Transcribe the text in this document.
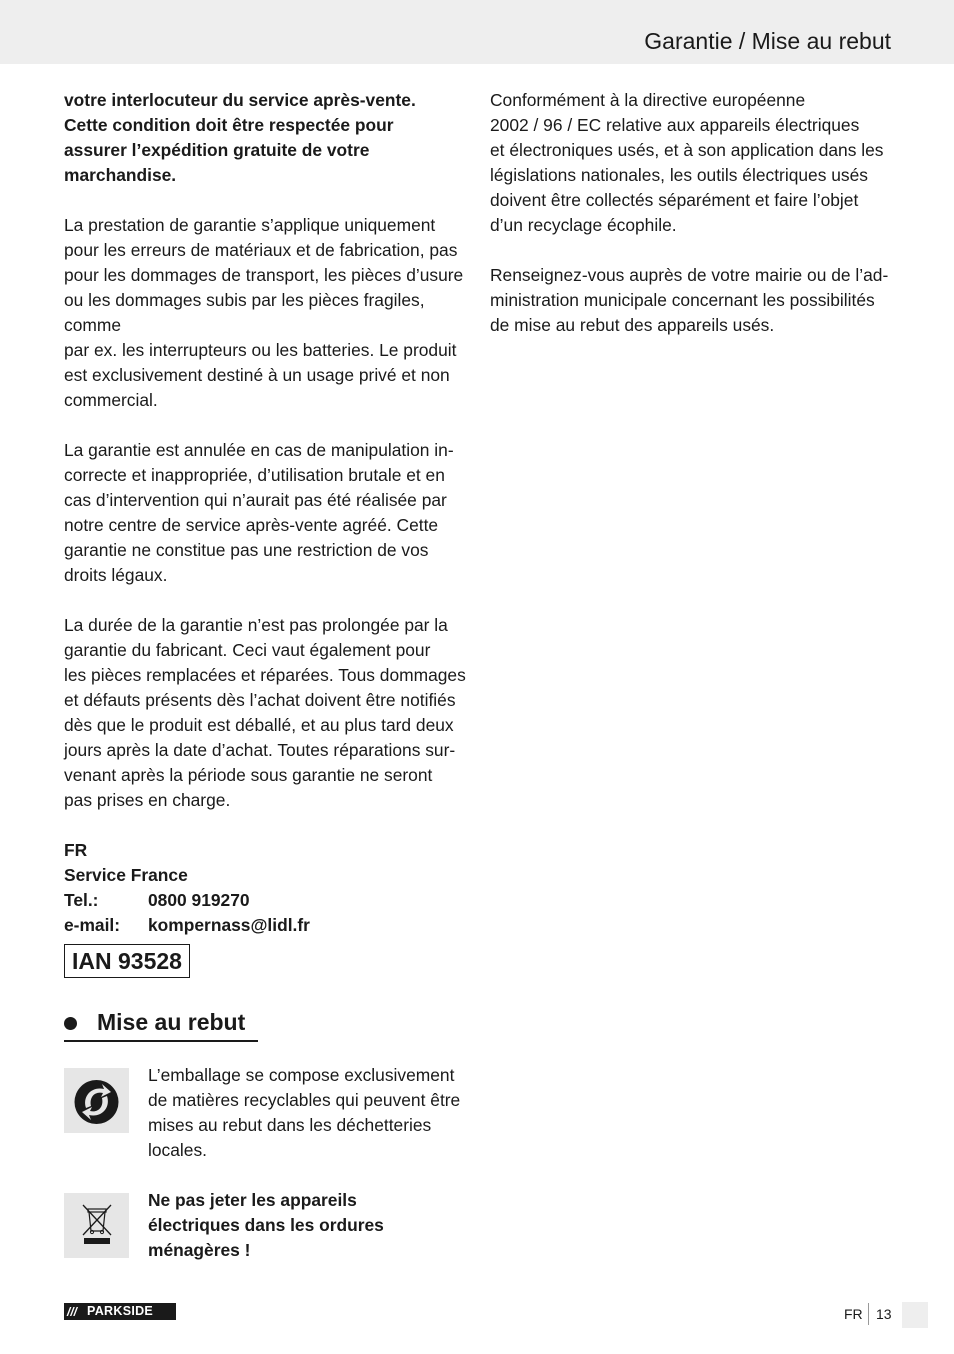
Garantie / Mise au rebut

votre interlocuteur du service après-vente.

Cette condition doit être respectée pour

assurer l’expédition gratuite de votre

marchandise.

La prestation de garantie s’applique uniquement

pour les erreurs de matériaux et de fabrication, pas

pour les dommages de transport, les pièces d’usure

ou les dommages subis par les pièces fragiles, comme

par ex. les interrupteurs ou les batteries. Le produit

est exclusivement destiné à un usage privé et non

commercial.

La garantie est annulée en cas de manipulation in-

correcte et inappropriée, d’utilisation brutale et en

cas d’intervention qui n’aurait pas été réalisée par

notre centre de service après-vente agréé. Cette

garantie ne constitue pas une restriction de vos

droits légaux.

La durée de la garantie n’est pas prolongée par la

garantie du fabricant. Ceci vaut également pour

les pièces remplacées et réparées. Tous dommages

et défauts présents dès l’achat doivent être notifiés

dès que le produit est déballé, et au plus tard deux

jours après la date d’achat. Toutes réparations sur-

venant après la période sous garantie ne seront

pas prises en charge.

FR
Service France
Tel.:	0800 919270
e-mail:	kompernass@lidl.fr
IAN 93528
Mise au rebut

L’emballage se compose exclusivement

de matières recyclables qui peuvent être

mises au rebut dans les déchetteries

locales.

Ne pas jeter les appareils

électriques dans les ordures

ménagères !

Conformément à la directive européenne

2002 / 96 / EC relative aux appareils électriques

et électroniques usés, et à son application dans les

législations nationales, les outils électriques usés

doivent être collectés séparément et faire l’objet

d’un recyclage écophile.

Renseignez-vous auprès de votre mairie ou de l’ad-

ministration municipale concernant les possibilités

de mise au rebut des appareils usés.

/// PARKSIDE	FR 13
